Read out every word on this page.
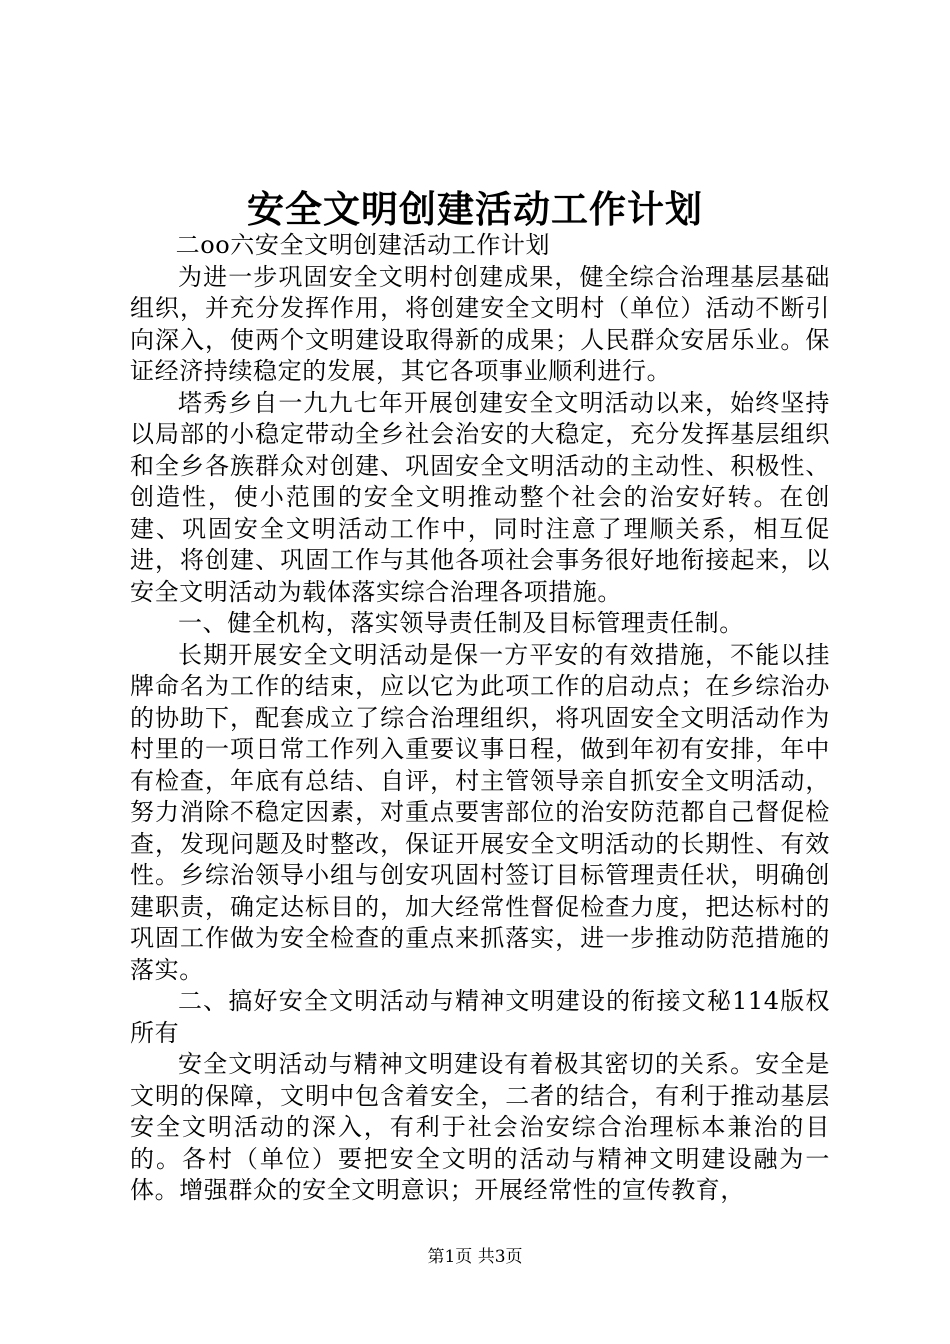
安全文明创建活动工作计划

二oo六安全文明创建活动工作计划

为进一步巩固安全文明村创建成果，健全综合治理基层基础组织，并充分发挥作用，将创建安全文明村（单位）活动不断引向深入，使两个文明建设取得新的成果；人民群众安居乐业。保证经济持续稳定的发展，其它各项事业顺利进行。

塔秀乡自一九九七年开展创建安全文明活动以来，始终坚持以局部的小稳定带动全乡社会治安的大稳定，充分发挥基层组织和全乡各族群众对创建、巩固安全文明活动的主动性、积极性、创造性，使小范围的安全文明推动整个社会的治安好转。在创建、巩固安全文明活动工作中，同时注意了理顺关系，相互促进，将创建、巩固工作与其他各项社会事务很好地衔接起来，以安全文明活动为载体落实综合治理各项措施。

一、健全机构，落实领导责任制及目标管理责任制。

长期开展安全文明活动是保一方平安的有效措施，不能以挂牌命名为工作的结束，应以它为此项工作的启动点；在乡综治办的协助下，配套成立了综合治理组织，将巩固安全文明活动作为村里的一项日常工作列入重要议事日程，做到年初有安排，年中有检查，年底有总结、自评，村主管领导亲自抓安全文明活动，努力消除不稳定因素，对重点要害部位的治安防范都自己督促检查，发现问题及时整改，保证开展安全文明活动的长期性、有效性。乡综治领导小组与创安巩固村签订目标管理责任状，明确创建职责，确定达标目的，加大经常性督促检查力度，把达标村的巩固工作做为安全检查的重点来抓落实，进一步推动防范措施的落实。

二、搞好安全文明活动与精神文明建设的衔接文秘114版权所有

安全文明活动与精神文明建设有着极其密切的关系。安全是文明的保障，文明中包含着安全，二者的结合，有利于推动基层安全文明活动的深入，有利于社会治安综合治理标本兼治的目的。各村（单位）要把安全文明的活动与精神文明建设融为一体。增强群众的安全文明意识；开展经常性的宣传教育，

第1页 共3页
